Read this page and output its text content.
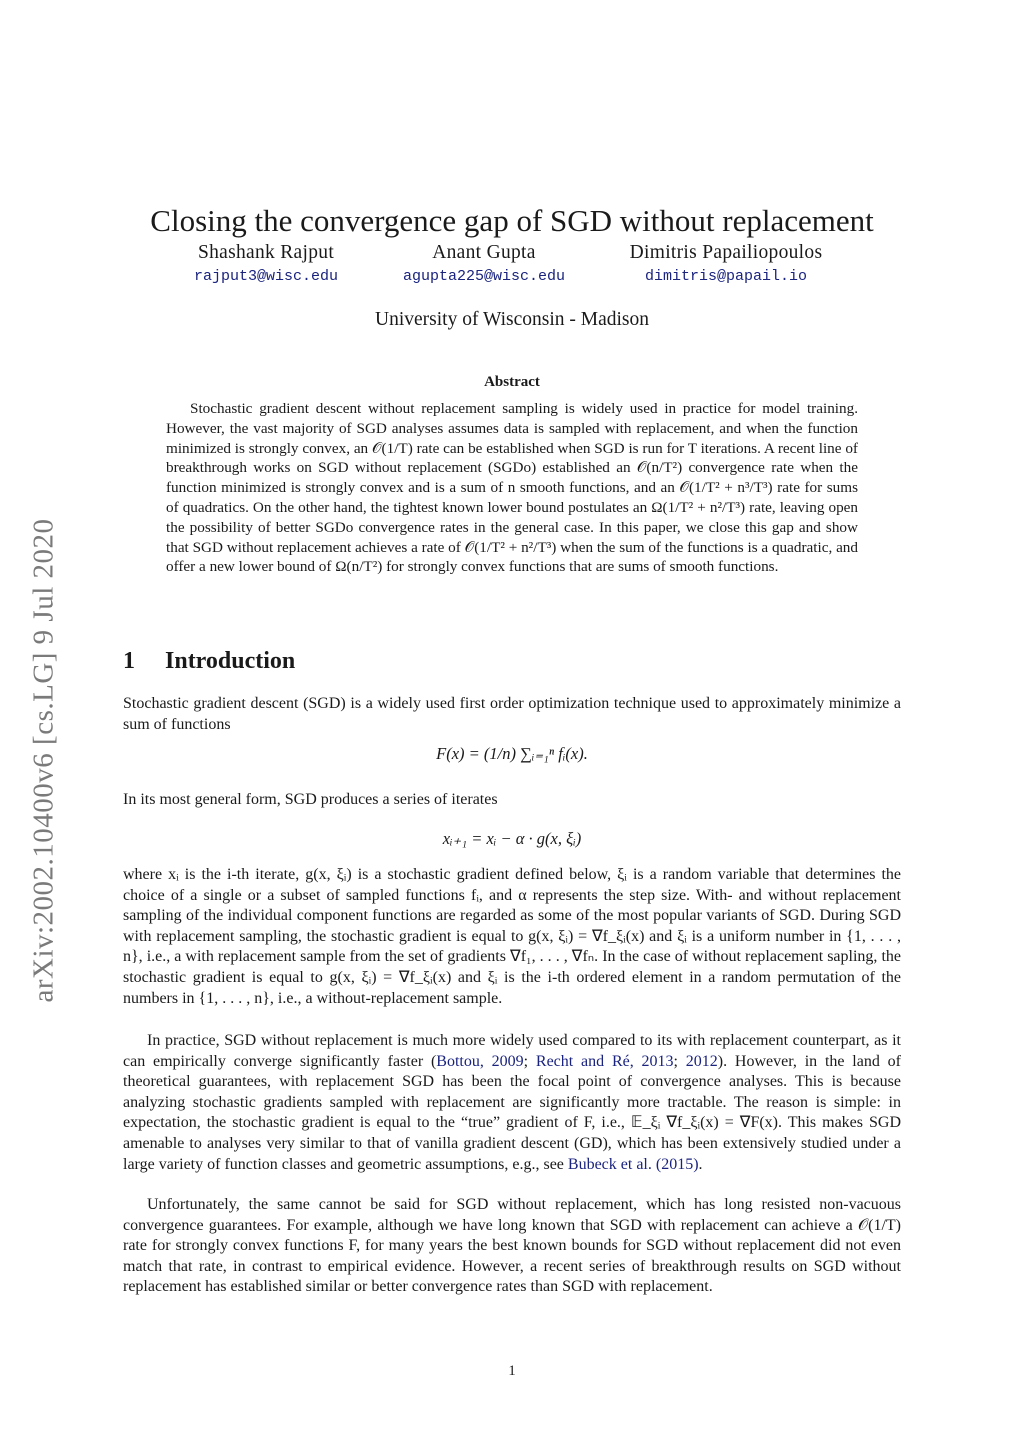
arXiv:2002.10400v6 [cs.LG] 9 Jul 2020
Closing the convergence gap of SGD without replacement
Shashank Rajput
rajput3@wisc.edu
Anant Gupta
agupta225@wisc.edu
Dimitris Papailiopoulos
dimitris@papail.io
University of Wisconsin - Madison
Abstract

Stochastic gradient descent without replacement sampling is widely used in practice for model training. However, the vast majority of SGD analyses assumes data is sampled with replacement, and when the function minimized is strongly convex, an 𝒪(1/T) rate can be established when SGD is run for T iterations. A recent line of breakthrough works on SGD without replacement (SGDo) established an 𝒪(n/T²) convergence rate when the function minimized is strongly convex and is a sum of n smooth functions, and an 𝒪(1/T² + n³/T³) rate for sums of quadratics. On the other hand, the tightest known lower bound postulates an Ω(1/T² + n²/T³) rate, leaving open the possibility of better SGDo convergence rates in the general case. In this paper, we close this gap and show that SGD without replacement achieves a rate of 𝒪(1/T² + n²/T³) when the sum of the functions is a quadratic, and offer a new lower bound of Ω(n/T²) for strongly convex functions that are sums of smooth functions.

1 Introduction

Stochastic gradient descent (SGD) is a widely used first order optimization technique used to approximately minimize a sum of functions

F(x) = (1/n) ∑ᵢ₌₁ⁿ fᵢ(x).

In its most general form, SGD produces a series of iterates

xᵢ₊₁ = xᵢ − α · g(x, ξᵢ)

where xᵢ is the i-th iterate, g(x, ξᵢ) is a stochastic gradient defined below, ξᵢ is a random variable that determines the choice of a single or a subset of sampled functions fᵢ, and α represents the step size. With- and without replacement sampling of the individual component functions are regarded as some of the most popular variants of SGD. During SGD with replacement sampling, the stochastic gradient is equal to g(x, ξᵢ) = ∇f_ξᵢ(x) and ξᵢ is a uniform number in {1, . . . , n}, i.e., a with replacement sample from the set of gradients ∇f₁, . . . , ∇fₙ. In the case of without replacement sapling, the stochastic gradient is equal to g(x, ξᵢ) = ∇f_ξᵢ(x) and ξᵢ is the i-th ordered element in a random permutation of the numbers in {1, . . . , n}, i.e., a without-replacement sample.

In practice, SGD without replacement is much more widely used compared to its with replacement counterpart, as it can empirically converge significantly faster (Bottou, 2009; Recht and Ré, 2013; 2012). However, in the land of theoretical guarantees, with replacement SGD has been the focal point of convergence analyses. This is because analyzing stochastic gradients sampled with replacement are significantly more tractable. The reason is simple: in expectation, the stochastic gradient is equal to the “true” gradient of F, i.e., 𝔼_ξᵢ ∇f_ξᵢ(x) = ∇F(x). This makes SGD amenable to analyses very similar to that of vanilla gradient descent (GD), which has been extensively studied under a large variety of function classes and geometric assumptions, e.g., see Bubeck et al. (2015).

Unfortunately, the same cannot be said for SGD without replacement, which has long resisted non-vacuous convergence guarantees. For example, although we have long known that SGD with replacement can achieve a 𝒪(1/T) rate for strongly convex functions F, for many years the best known bounds for SGD without replacement did not even match that rate, in contrast to empirical evidence. However, a recent series of breakthrough results on SGD without replacement has established similar or better convergence rates than SGD with replacement.

1
